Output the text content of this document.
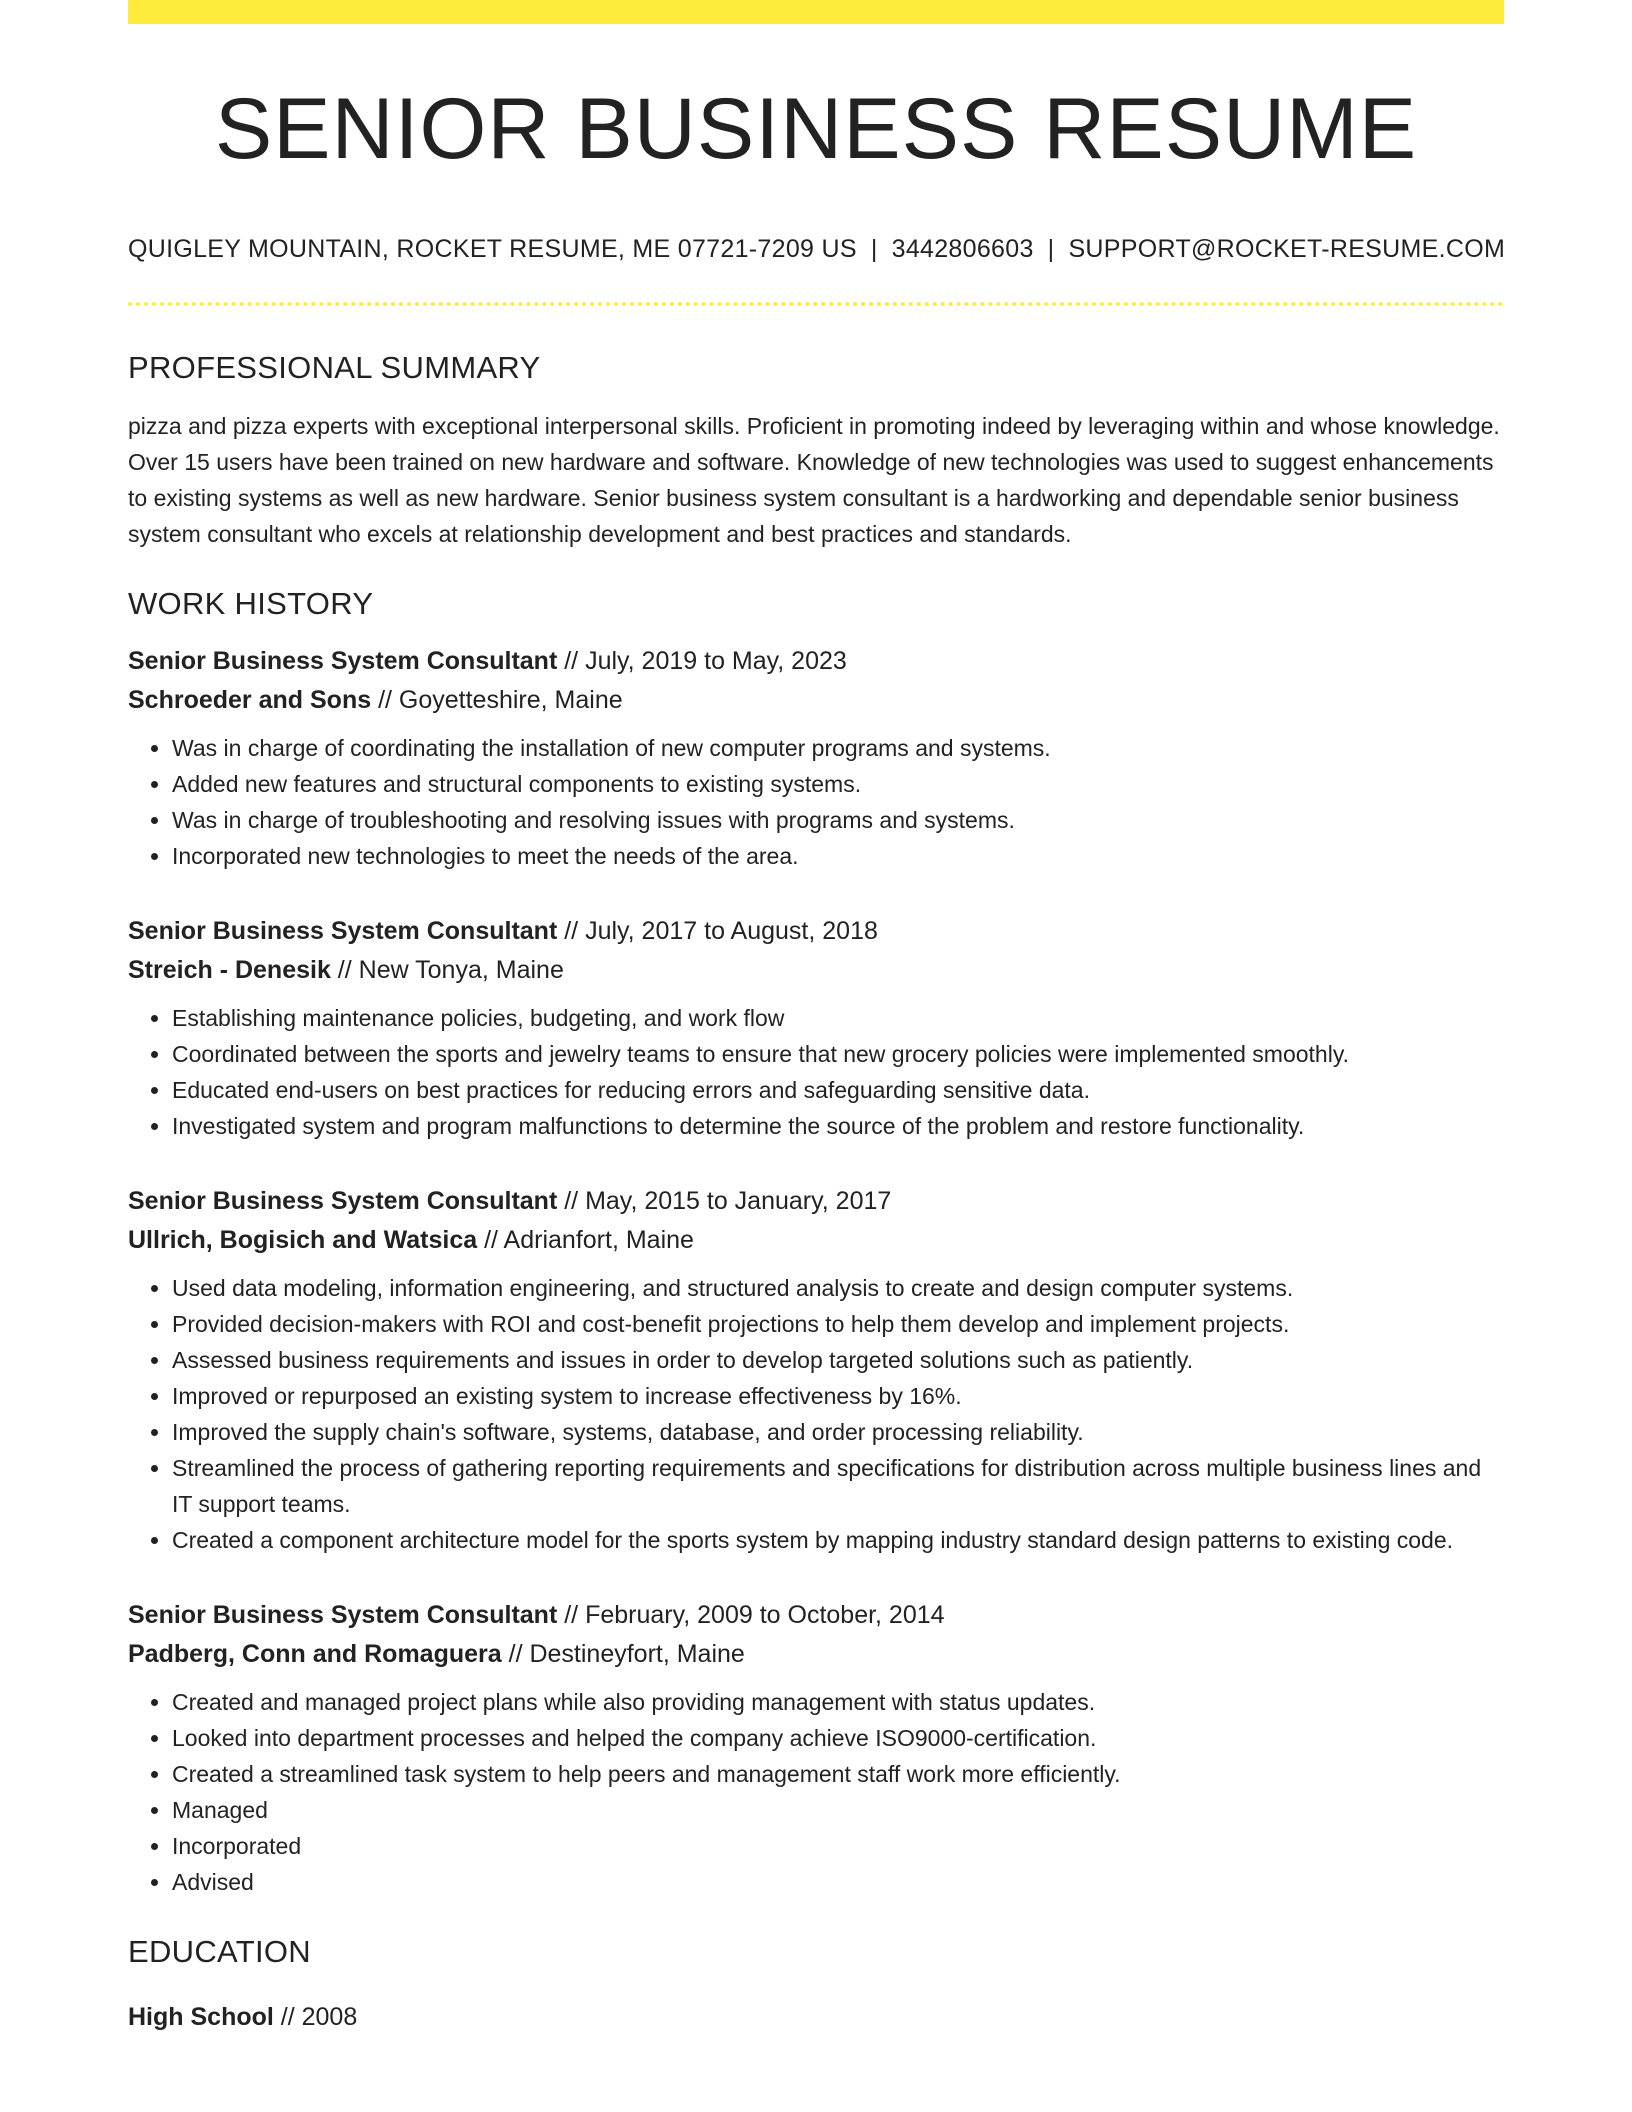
SENIOR BUSINESS RESUME
QUIGLEY MOUNTAIN, ROCKET RESUME, ME 07721-7209 US | 3442806603 | SUPPORT@ROCKET-RESUME.COM
PROFESSIONAL SUMMARY
pizza and pizza experts with exceptional interpersonal skills. Proficient in promoting indeed by leveraging within and whose knowledge. Over 15 users have been trained on new hardware and software. Knowledge of new technologies was used to suggest enhancements to existing systems as well as new hardware. Senior business system consultant is a hardworking and dependable senior business system consultant who excels at relationship development and best practices and standards.
WORK HISTORY
Senior Business System Consultant // July, 2019 to May, 2023
Schroeder and Sons // Goyetteshire, Maine
• Was in charge of coordinating the installation of new computer programs and systems.
• Added new features and structural components to existing systems.
• Was in charge of troubleshooting and resolving issues with programs and systems.
• Incorporated new technologies to meet the needs of the area.
Senior Business System Consultant // July, 2017 to August, 2018
Streich - Denesik // New Tonya, Maine
• Establishing maintenance policies, budgeting, and work flow
• Coordinated between the sports and jewelry teams to ensure that new grocery policies were implemented smoothly.
• Educated end-users on best practices for reducing errors and safeguarding sensitive data.
• Investigated system and program malfunctions to determine the source of the problem and restore functionality.
Senior Business System Consultant // May, 2015 to January, 2017
Ullrich, Bogisich and Watsica // Adrianfort, Maine
• Used data modeling, information engineering, and structured analysis to create and design computer systems.
• Provided decision-makers with ROI and cost-benefit projections to help them develop and implement projects.
• Assessed business requirements and issues in order to develop targeted solutions such as patiently.
• Improved or repurposed an existing system to increase effectiveness by 16%.
• Improved the supply chain's software, systems, database, and order processing reliability.
• Streamlined the process of gathering reporting requirements and specifications for distribution across multiple business lines and IT support teams.
• Created a component architecture model for the sports system by mapping industry standard design patterns to existing code.
Senior Business System Consultant // February, 2009 to October, 2014
Padberg, Conn and Romaguera // Destineyfort, Maine
• Created and managed project plans while also providing management with status updates.
• Looked into department processes and helped the company achieve ISO9000-certification.
• Created a streamlined task system to help peers and management staff work more efficiently.
• Managed
• Incorporated
• Advised
EDUCATION
High School // 2008
